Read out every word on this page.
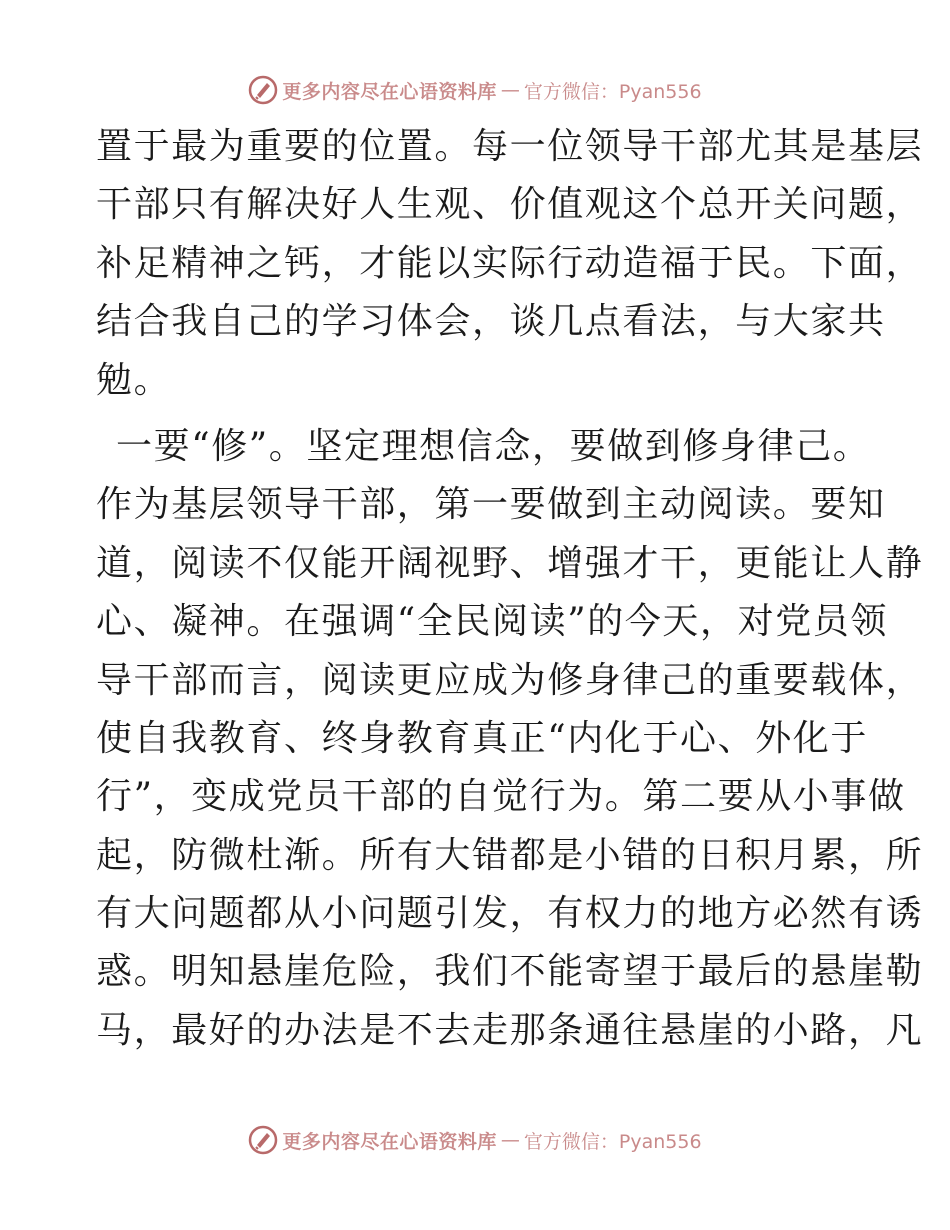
更多内容尽在心语资料库 — 官方微信：Pyan556
置于最为重要的位置。每一位领导干部尤其是基层
干部只有解决好人生观、价值观这个总开关问题，
补足精神之钙，才能以实际行动造福于民。下面，
结合我自己的学习体会，谈几点看法，与大家共
勉。
一要“修”。坚定理想信念，要做到修身律己。
作为基层领导干部，第一要做到主动阅读。要知
道，阅读不仅能开阔视野、增强才干，更能让人静
心、凝神。在强调“全民阅读”的今天，对党员领
导干部而言，阅读更应成为修身律己的重要载体，
使自我教育、终身教育真正“内化于心、外化于
行”，变成党员干部的自觉行为。第二要从小事做
起，防微杜渐。所有大错都是小错的日积月累，所
有大问题都从小问题引发，有权力的地方必然有诱
惑。明知悬崖危险，我们不能寄望于最后的悬崖勒
马，最好的办法是不去走那条通往悬崖的小路，凡
更多内容尽在心语资料库 — 官方微信：Pyan556
